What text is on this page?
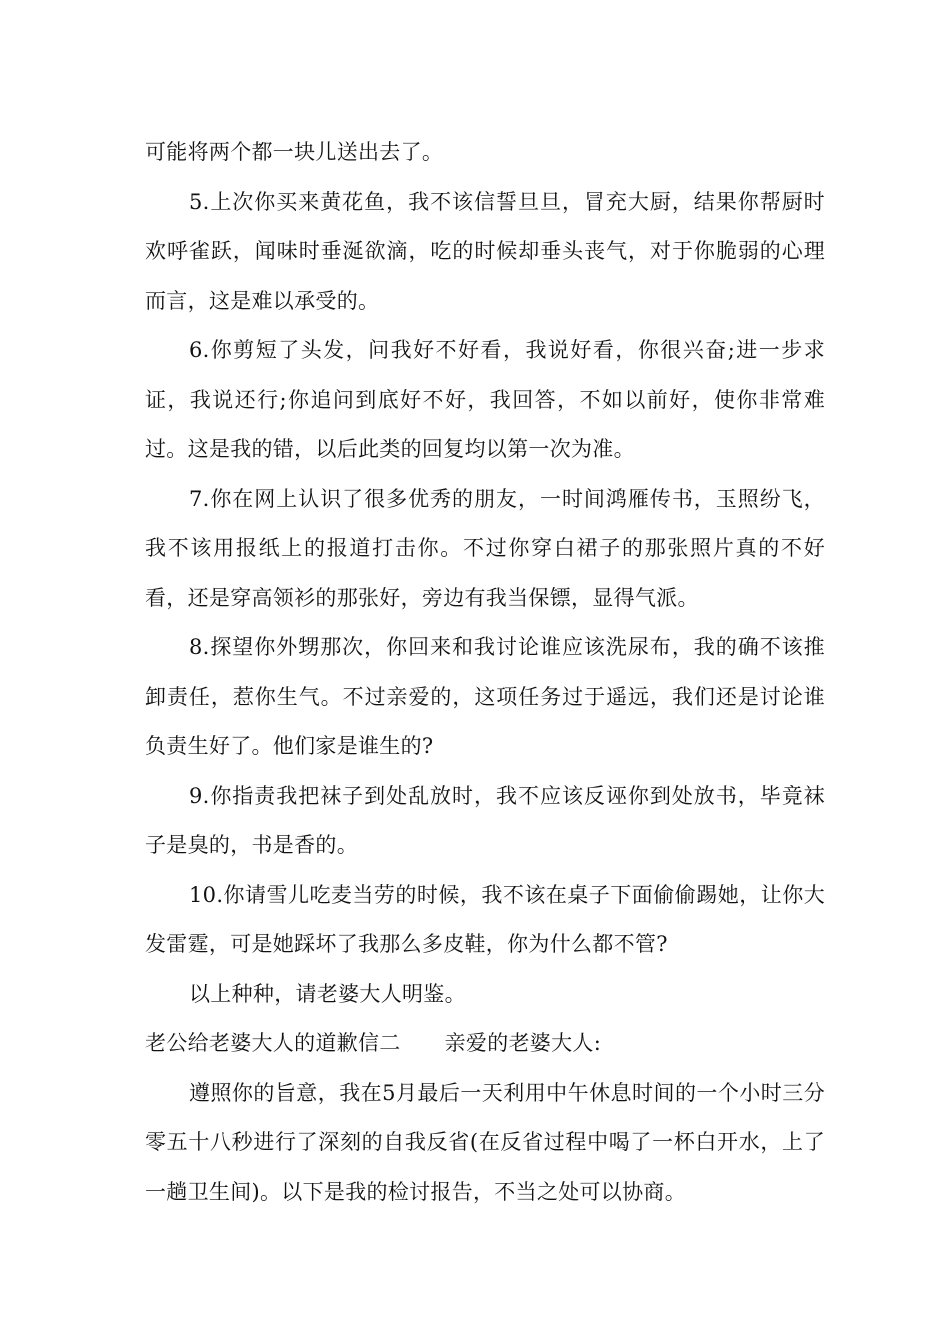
可能将两个都一块儿送出去了。

5.上次你买来黄花鱼，我不该信誓旦旦，冒充大厨，结果你帮厨时欢呼雀跃，闻味时垂涎欲滴，吃的时候却垂头丧气，对于你脆弱的心理而言，这是难以承受的。

6.你剪短了头发，问我好不好看，我说好看，你很兴奋;进一步求证，我说还行;你追问到底好不好，我回答，不如以前好，使你非常难过。这是我的错，以后此类的回复均以第一次为准。

7.你在网上认识了很多优秀的朋友，一时间鸿雁传书，玉照纷飞，我不该用报纸上的报道打击你。不过你穿白裙子的那张照片真的不好看，还是穿高领衫的那张好，旁边有我当保镖，显得气派。

8.探望你外甥那次，你回来和我讨论谁应该洗尿布，我的确不该推卸责任，惹你生气。不过亲爱的，这项任务过于遥远，我们还是讨论谁负责生好了。他们家是谁生的?

9.你指责我把袜子到处乱放时，我不应该反诬你到处放书，毕竟袜子是臭的，书是香的。

10.你请雪儿吃麦当劳的时候，我不该在桌子下面偷偷踢她，让你大发雷霆，可是她踩坏了我那么多皮鞋，你为什么都不管?

以上种种，请老婆大人明鉴。

老公给老婆大人的道歉信二 亲爱的老婆大人:

遵照你的旨意，我在5月最后一天利用中午休息时间的一个小时三分零五十八秒进行了深刻的自我反省(在反省过程中喝了一杯白开水，上了一趟卫生间)。以下是我的检讨报告，不当之处可以协商。
